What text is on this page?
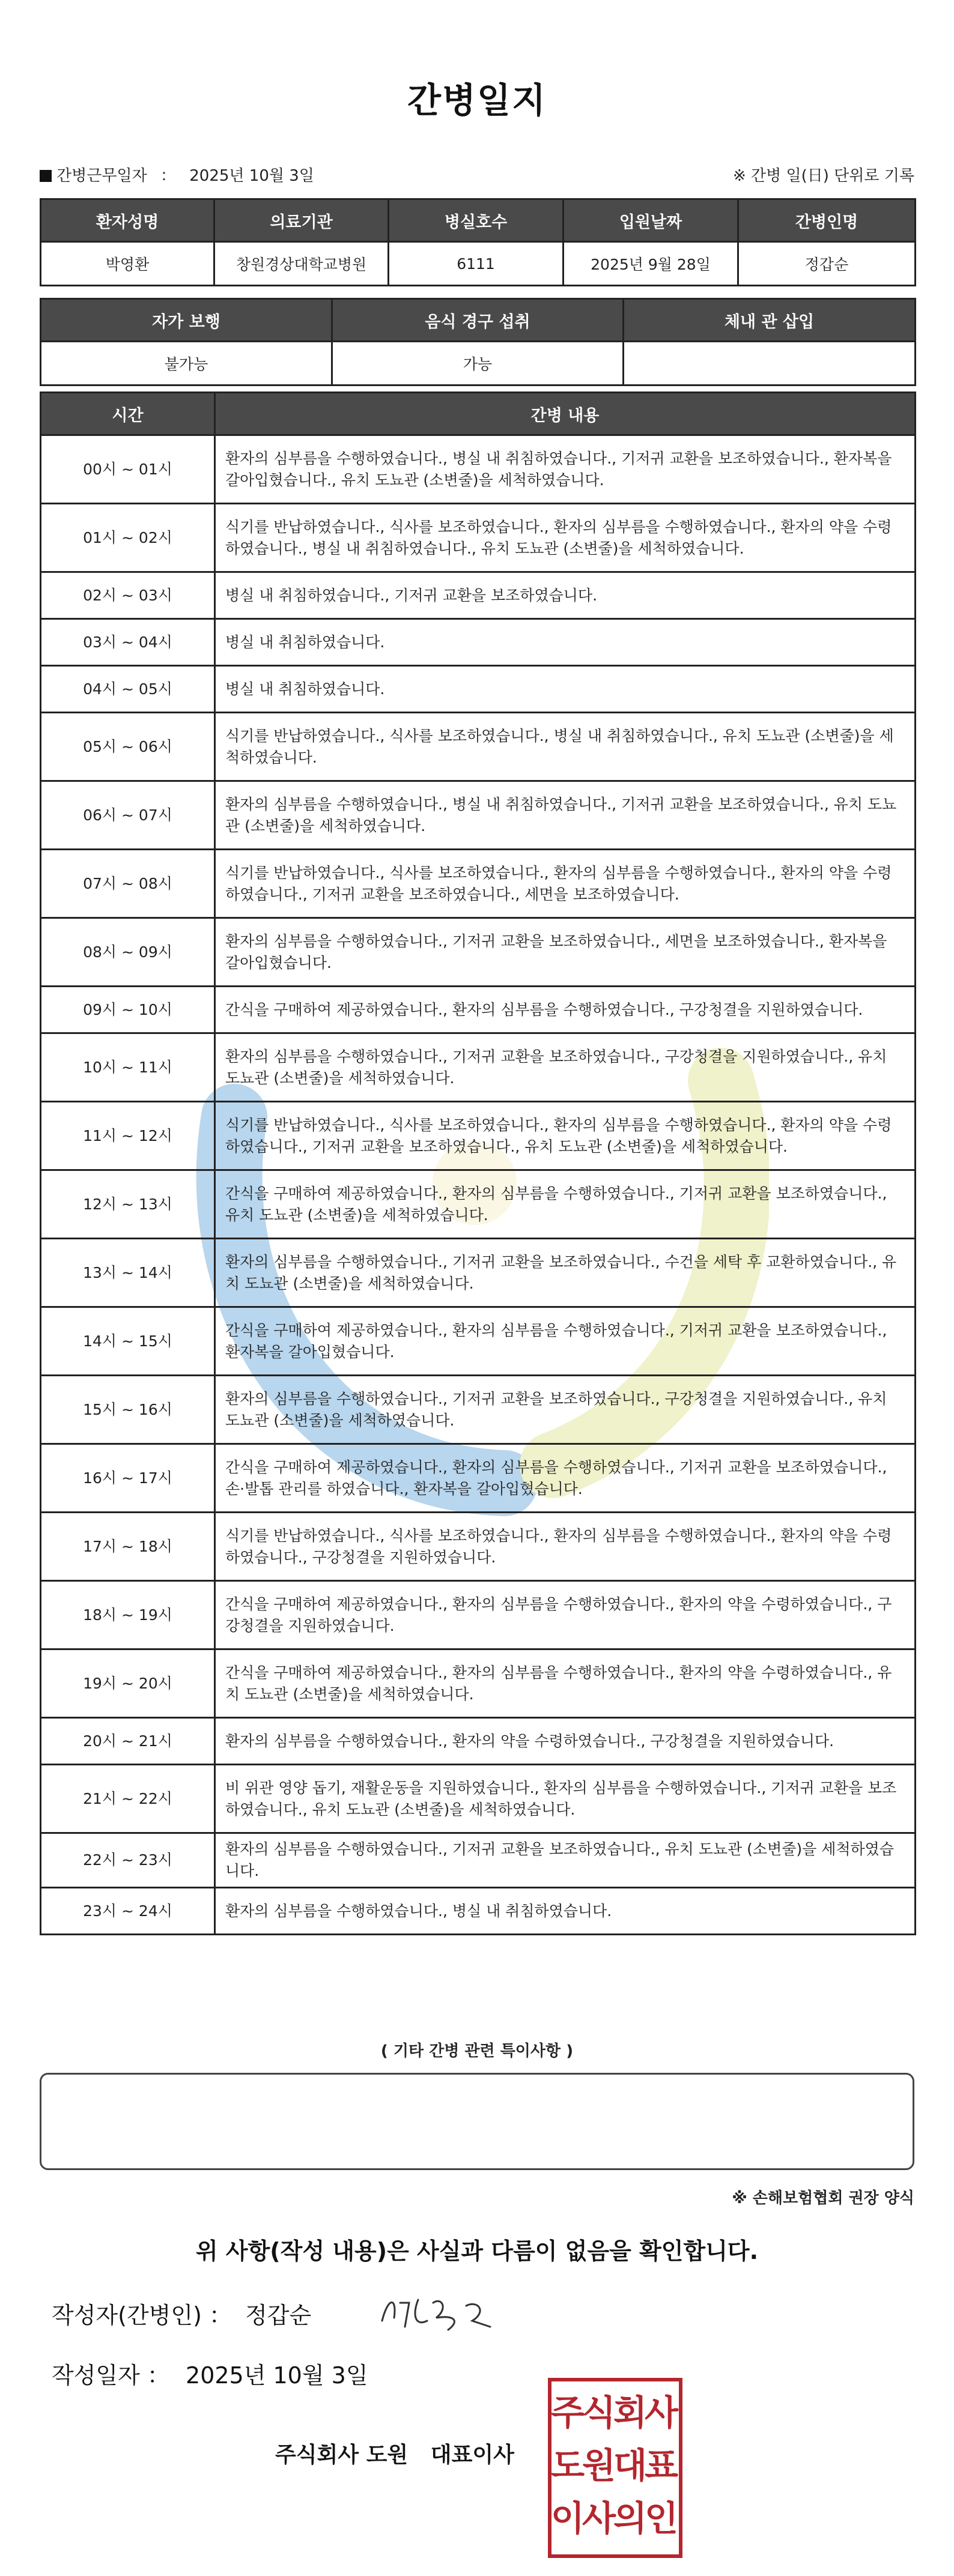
간병일지
간병근무일자 ： 2025년 10월 3일	※ 간병 일(日) 단위로 기록
환자성명	의료기관	병실호수	입원날짜	간병인명
박영환	창원경상대학교병원	6111	2025년 9월 28일	정갑순
자가 보행	음식 경구 섭취	체내 관 삽입
불가능	가능	
시간	간병 내용
00시 ~ 01시	환자의 심부름을 수행하였습니다., 병실 내 취침하였습니다., 기저귀 교환을 보조하였습니다., 환자복을 갈아입혔습니다., 유치 도뇨관 (소변줄)을 세척하였습니다.
01시 ~ 02시	식기를 반납하였습니다., 식사를 보조하였습니다., 환자의 심부름을 수행하였습니다., 환자의 약을 수령하였습니다., 병실 내 취침하였습니다., 유치 도뇨관 (소변줄)을 세척하였습니다.
02시 ~ 03시	병실 내 취침하였습니다., 기저귀 교환을 보조하였습니다.
03시 ~ 04시	병실 내 취침하였습니다.
04시 ~ 05시	병실 내 취침하였습니다.
05시 ~ 06시	식기를 반납하였습니다., 식사를 보조하였습니다., 병실 내 취침하였습니다., 유치 도뇨관 (소변줄)을 세척하였습니다.
06시 ~ 07시	환자의 심부름을 수행하였습니다., 병실 내 취침하였습니다., 기저귀 교환을 보조하였습니다., 유치 도뇨관 (소변줄)을 세척하였습니다.
07시 ~ 08시	식기를 반납하였습니다., 식사를 보조하였습니다., 환자의 심부름을 수행하였습니다., 환자의 약을 수령하였습니다., 기저귀 교환을 보조하였습니다., 세면을 보조하였습니다.
08시 ~ 09시	환자의 심부름을 수행하였습니다., 기저귀 교환을 보조하였습니다., 세면을 보조하였습니다., 환자복을 갈아입혔습니다.
09시 ~ 10시	간식을 구매하여 제공하였습니다., 환자의 심부름을 수행하였습니다., 구강청결을 지원하였습니다.
10시 ~ 11시	환자의 심부름을 수행하였습니다., 기저귀 교환을 보조하였습니다., 구강청결을 지원하였습니다., 유치 도뇨관 (소변줄)을 세척하였습니다.
11시 ~ 12시	식기를 반납하였습니다., 식사를 보조하였습니다., 환자의 심부름을 수행하였습니다., 환자의 약을 수령하였습니다., 기저귀 교환을 보조하였습니다., 유치 도뇨관 (소변줄)을 세척하였습니다.
12시 ~ 13시	간식을 구매하여 제공하였습니다., 환자의 심부름을 수행하였습니다., 기저귀 교환을 보조하였습니다., 유치 도뇨관 (소변줄)을 세척하였습니다.
13시 ~ 14시	환자의 심부름을 수행하였습니다., 기저귀 교환을 보조하였습니다., 수건을 세탁 후 교환하였습니다., 유치 도뇨관 (소변줄)을 세척하였습니다.
14시 ~ 15시	간식을 구매하여 제공하였습니다., 환자의 심부름을 수행하였습니다., 기저귀 교환을 보조하였습니다., 환자복을 갈아입혔습니다.
15시 ~ 16시	환자의 심부름을 수행하였습니다., 기저귀 교환을 보조하였습니다., 구강청결을 지원하였습니다., 유치 도뇨관 (소변줄)을 세척하였습니다.
16시 ~ 17시	간식을 구매하여 제공하였습니다., 환자의 심부름을 수행하였습니다., 기저귀 교환을 보조하였습니다., 손·발톱 관리를 하였습니다., 환자복을 갈아입혔습니다.
17시 ~ 18시	식기를 반납하였습니다., 식사를 보조하였습니다., 환자의 심부름을 수행하였습니다., 환자의 약을 수령하였습니다., 구강청결을 지원하였습니다.
18시 ~ 19시	간식을 구매하여 제공하였습니다., 환자의 심부름을 수행하였습니다., 환자의 약을 수령하였습니다., 구강청결을 지원하였습니다.
19시 ~ 20시	간식을 구매하여 제공하였습니다., 환자의 심부름을 수행하였습니다., 환자의 약을 수령하였습니다., 유치 도뇨관 (소변줄)을 세척하였습니다.
20시 ~ 21시	환자의 심부름을 수행하였습니다., 환자의 약을 수령하였습니다., 구강청결을 지원하였습니다.
21시 ~ 22시	비 위관 영양 돕기, 재활운동을 지원하였습니다., 환자의 심부름을 수행하였습니다., 기저귀 교환을 보조하였습니다., 유치 도뇨관 (소변줄)을 세척하였습니다.
22시 ~ 23시	환자의 심부름을 수행하였습니다., 기저귀 교환을 보조하였습니다., 유치 도뇨관 (소변줄)을 세척하였습니다.
23시 ~ 24시	환자의 심부름을 수행하였습니다., 병실 내 취침하였습니다.
( 기타 간병 관련 특이사항 )
※ 손해보험협회 권장 양식
위 사항(작성 내용)은 사실과 다름이 없음을 확인합니다.
작성자(간병인) ： 정갑순
작성일자 ： 2025년 10월 3일
주식회사 도원   대표이사
주
식
회
사
도
원
대
표
이
사
의
인
